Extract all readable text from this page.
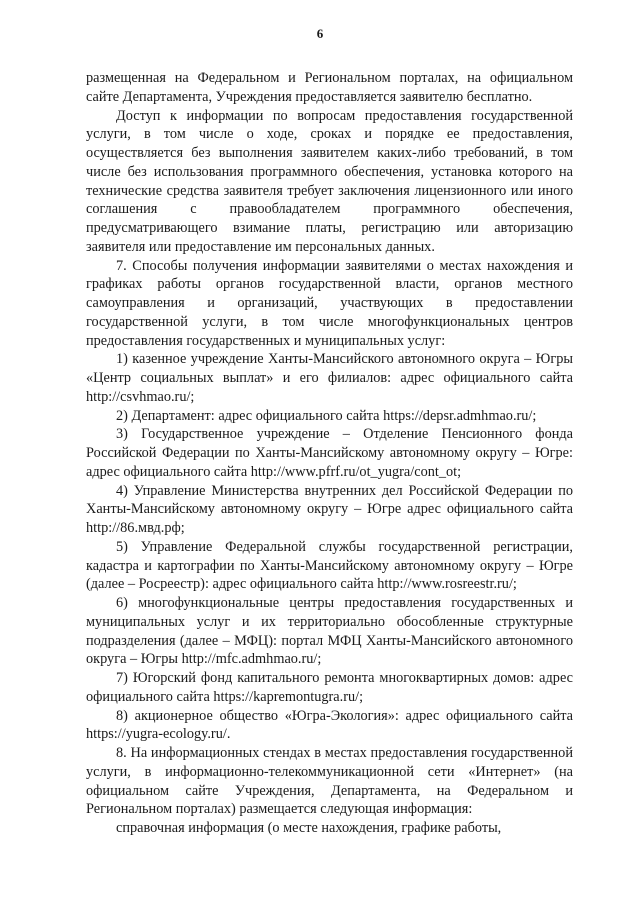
6

размещенная на Федеральном и Региональном порталах, на официальном сайте Департамента, Учреждения предоставляется заявителю бесплатно.

Доступ к информации по вопросам предоставления государственной услуги, в том числе о ходе, сроках и порядке ее предоставления, осуществляется без выполнения заявителем каких-либо требований, в том числе без использования программного обеспечения, установка которого на технические средства заявителя требует заключения лицензионного или иного соглашения с правообладателем программного обеспечения, предусматривающего взимание платы, регистрацию или авторизацию заявителя или предоставление им персональных данных.

7. Способы получения информации заявителями о местах нахождения и графиках работы органов государственной власти, органов местного самоуправления и организаций, участвующих в предоставлении государственной услуги, в том числе многофункциональных центров предоставления государственных и муниципальных услуг:

1) казенное учреждение Ханты-Мансийского автономного округа – Югры «Центр социальных выплат» и его филиалов: адрес официального сайта http://csvhmao.ru/;

2) Департамент: адрес официального сайта https://depsr.admhmao.ru/;

3) Государственное учреждение – Отделение Пенсионного фонда Российской Федерации по Ханты-Мансийскому автономному округу – Югре: адрес официального сайта http://www.pfrf.ru/ot_yugra/cont_ot;

4) Управление Министерства внутренних дел Российской Федерации по Ханты-Мансийскому автономному округу – Югре адрес официального сайта http://86.мвд.рф;

5) Управление Федеральной службы государственной регистрации, кадастра и картографии по Ханты-Мансийскому автономному округу – Югре (далее – Росреестр): адрес официального сайта http://www.rosreestr.ru/;

6) многофункциональные центры предоставления государственных и муниципальных услуг и их территориально обособленные структурные подразделения (далее – МФЦ): портал МФЦ Ханты-Мансийского автономного округа – Югры http://mfc.admhmao.ru/;

7) Югорский фонд капитального ремонта многоквартирных домов: адрес официального сайта https://kapremontugra.ru/;

8) акционерное общество «Югра-Экология»: адрес официального сайта https://yugra-ecology.ru/.

8. На информационных стендах в местах предоставления государственной услуги, в информационно-телекоммуникационной сети «Интернет» (на официальном сайте Учреждения, Департамента, на Федеральном и Региональном порталах) размещается следующая информация:

справочная информация (о месте нахождения, графике работы,
